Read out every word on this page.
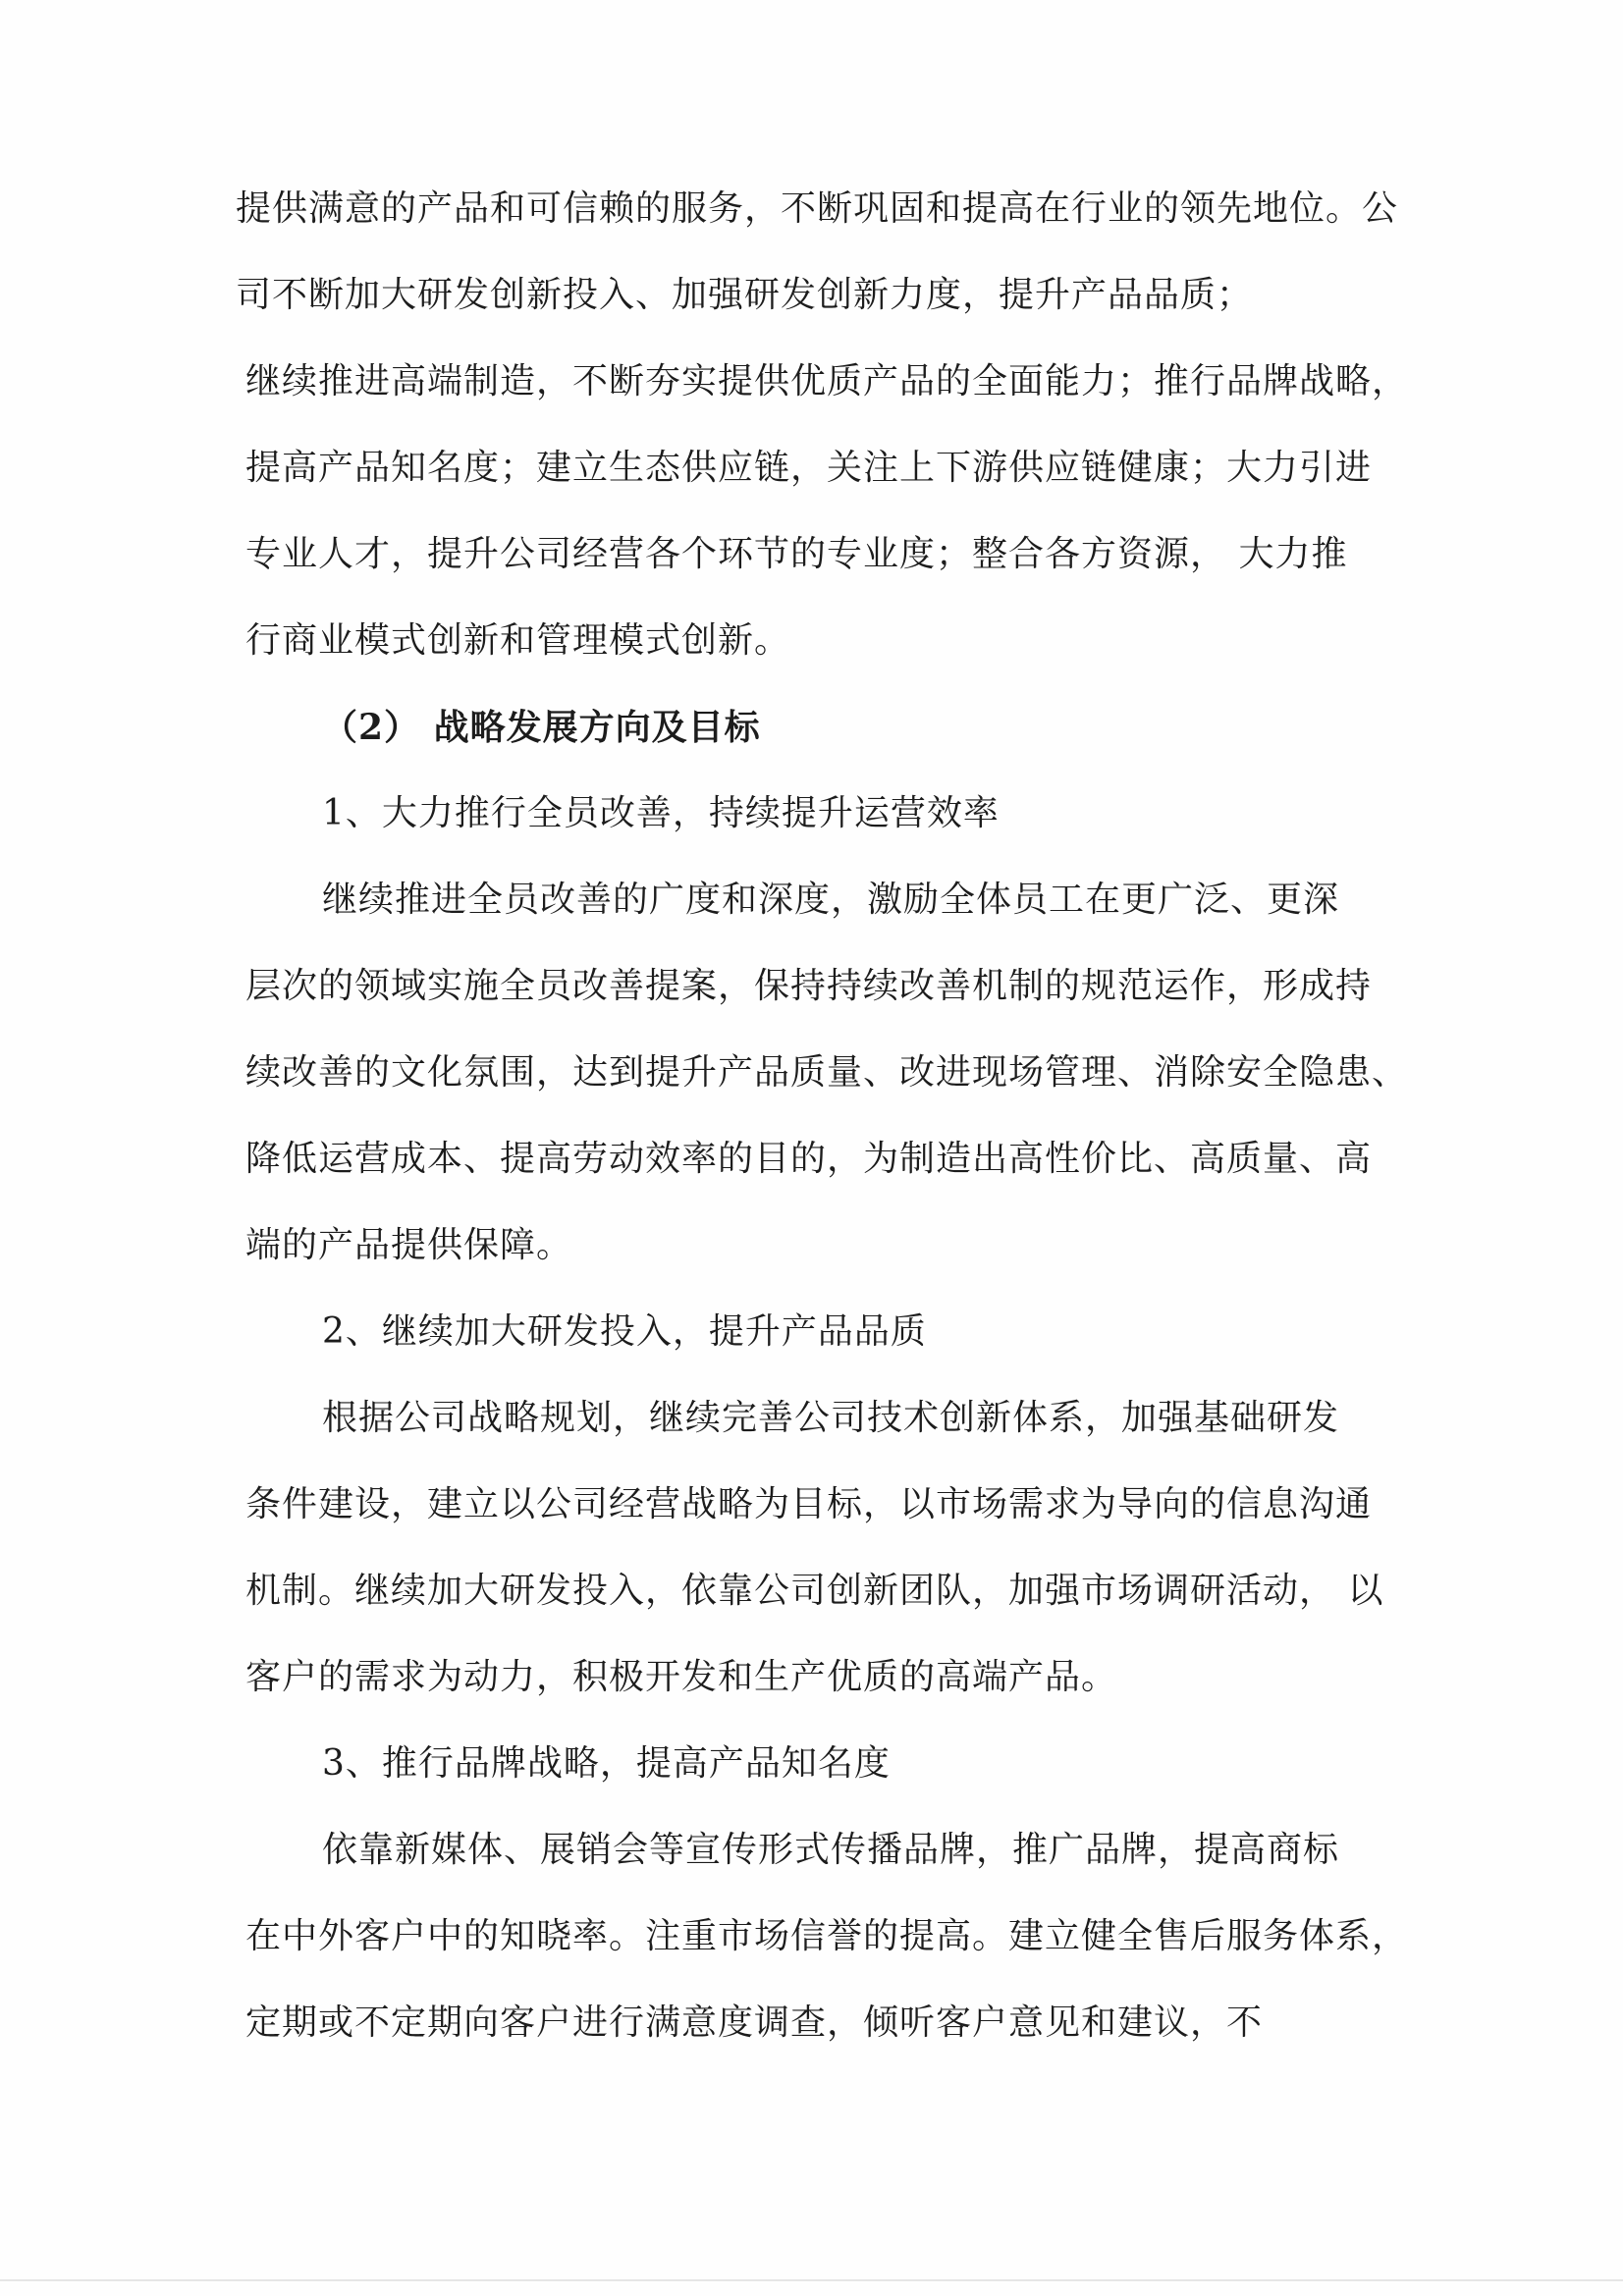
提供满意的产品和可信赖的服务，不断巩固和提高在行业的领先地位。公
司不断加大研发创新投入、加强研发创新力度，提升产品品质；
继续推进高端制造，不断夯实提供优质产品的全面能力；推行品牌战略，
提高产品知名度；建立生态供应链，关注上下游供应链健康；大力引进
专业人才，提升公司经营各个环节的专业度；整合各方资源， 大力推
行商业模式创新和管理模式创新。
（2） 战略发展方向及目标
1、大力推行全员改善，持续提升运营效率
继续推进全员改善的广度和深度，激励全体员工在更广泛、更深
层次的领域实施全员改善提案，保持持续改善机制的规范运作，形成持
续改善的文化氛围，达到提升产品质量、改进现场管理、消除安全隐患、
降低运营成本、提高劳动效率的目的，为制造出高性价比、高质量、高
端的产品提供保障。
2、继续加大研发投入，提升产品品质
根据公司战略规划，继续完善公司技术创新体系，加强基础研发
条件建设，建立以公司经营战略为目标，以市场需求为导向的信息沟通
机制。继续加大研发投入，依靠公司创新团队，加强市场调研活动， 以
客户的需求为动力，积极开发和生产优质的高端产品。
3、推行品牌战略，提高产品知名度
依靠新媒体、展销会等宣传形式传播品牌，推广品牌，提高商标
在中外客户中的知晓率。注重市场信誉的提高。建立健全售后服务体系，
定期或不定期向客户进行满意度调查，倾听客户意见和建议，不
